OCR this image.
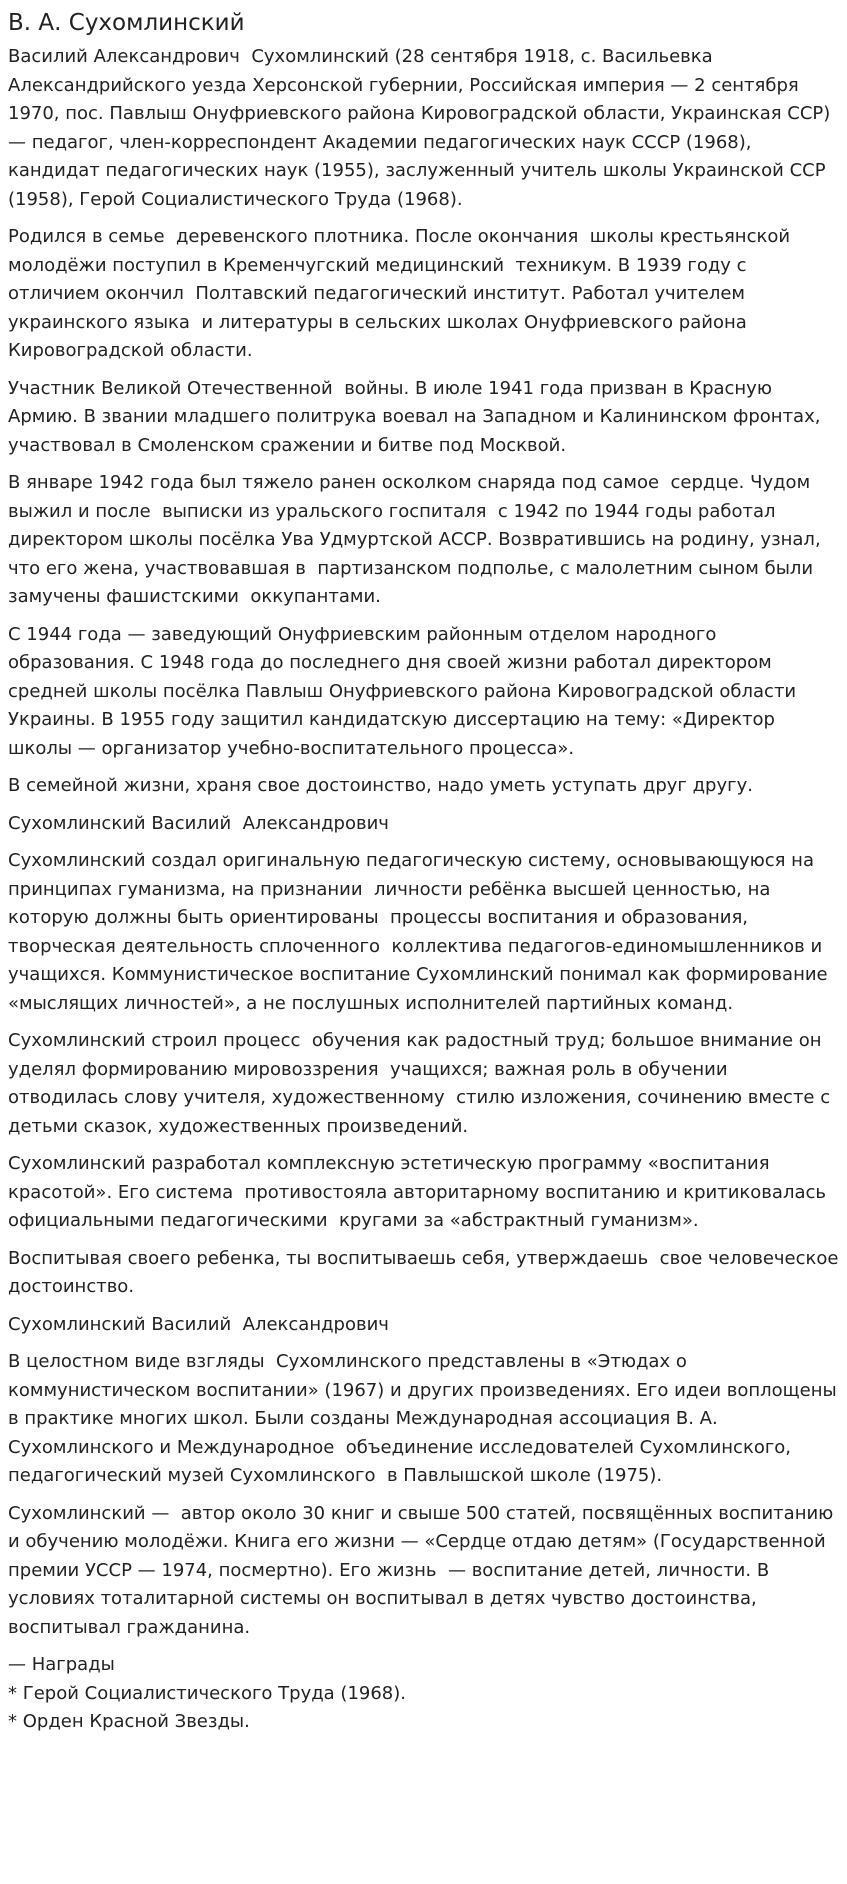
В. А. Сухомлинский

Василий Александрович  Сухомлинский (28 сентября 1918, с. Васильевка Александрийского уезда Херсонской губернии, Российская империя — 2 сентября 1970, пос. Павлыш Онуфриевского района Кировоградской области, Украинская ССР) — педагог, член-корреспондент Академии педагогических наук СССР (1968), кандидат педагогических наук (1955), заслуженный учитель школы Украинской ССР (1958), Герой Социалистического Труда (1968).

Родился в семье  деревенского плотника. После окончания  школы крестьянской молодёжи поступил в Кременчугский медицинский  техникум. В 1939 году с отличием окончил  Полтавский педагогический институт. Работал учителем украинского языка  и литературы в сельских школах Онуфриевского района Кировоградской области.

Участник Великой Отечественной  войны. В июле 1941 года призван в Красную Армию. В звании младшего политрука воевал на Западном и Калининском фронтах, участвовал в Смоленском сражении и битве под Москвой.

В январе 1942 года был тяжело ранен осколком снаряда под самое  сердце. Чудом выжил и после  выписки из уральского госпиталя  с 1942 по 1944 годы работал директором школы посёлка Ува Удмуртской АССР. Возвратившись на родину, узнал, что его жена, участвовавшая в  партизанском подполье, с малолетним сыном были замучены фашистскими  оккупантами.

С 1944 года — заведующий Онуфриевским районным отделом народного образования. С 1948 года до последнего дня своей жизни работал директором средней школы посёлка Павлыш Онуфриевского района Кировоградской области Украины. В 1955 году защитил кандидатскую диссертацию на тему: «Директор школы — организатор учебно-воспитательного процесса».

В семейной жизни, храня свое достоинство, надо уметь уступать друг другу.

Сухомлинский Василий  Александрович

Сухомлинский создал оригинальную педагогическую систему, основывающуюся на принципах гуманизма, на признании  личности ребёнка высшей ценностью, на которую должны быть ориентированы  процессы воспитания и образования, творческая деятельность сплоченного  коллектива педагогов-единомышленников и учащихся. Коммунистическое воспитание Сухомлинский понимал как формирование «мыслящих личностей», а не послушных исполнителей партийных команд.

Сухомлинский строил процесс  обучения как радостный труд; большое внимание он уделял формированию мировоззрения  учащихся; важная роль в обучении отводилась слову учителя, художественному  стилю изложения, сочинению вместе с детьми сказок, художественных произведений.

Сухомлинский разработал комплексную эстетическую программу «воспитания красотой». Его система  противостояла авторитарному воспитанию и критиковалась официальными педагогическими  кругами за «абстрактный гуманизм».

Воспитывая своего ребенка, ты воспитываешь себя, утверждаешь  свое человеческое достоинство.

Сухомлинский Василий  Александрович

В целостном виде взгляды  Сухомлинского представлены в «Этюдах о коммунистическом воспитании» (1967) и других произведениях. Его идеи воплощены в практике многих школ. Были созданы Международная ассоциация В. А. Сухомлинского и Международное  объединение исследователей Сухомлинского, педагогический музей Сухомлинского  в Павлышской школе (1975).

Сухомлинский —  автор около 30 книг и свыше 500 статей, посвящённых воспитанию и обучению молодёжи. Книга его жизни — «Сердце отдаю детям» (Государственной  премии УССР — 1974, посмертно). Его жизнь  — воспитание детей, личности. В  условиях тоталитарной системы он воспитывал в детях чувство достоинства, воспитывал гражданина.

— Награды
* Герой Социалистического Труда (1968).
* Орден Красной Звезды.
